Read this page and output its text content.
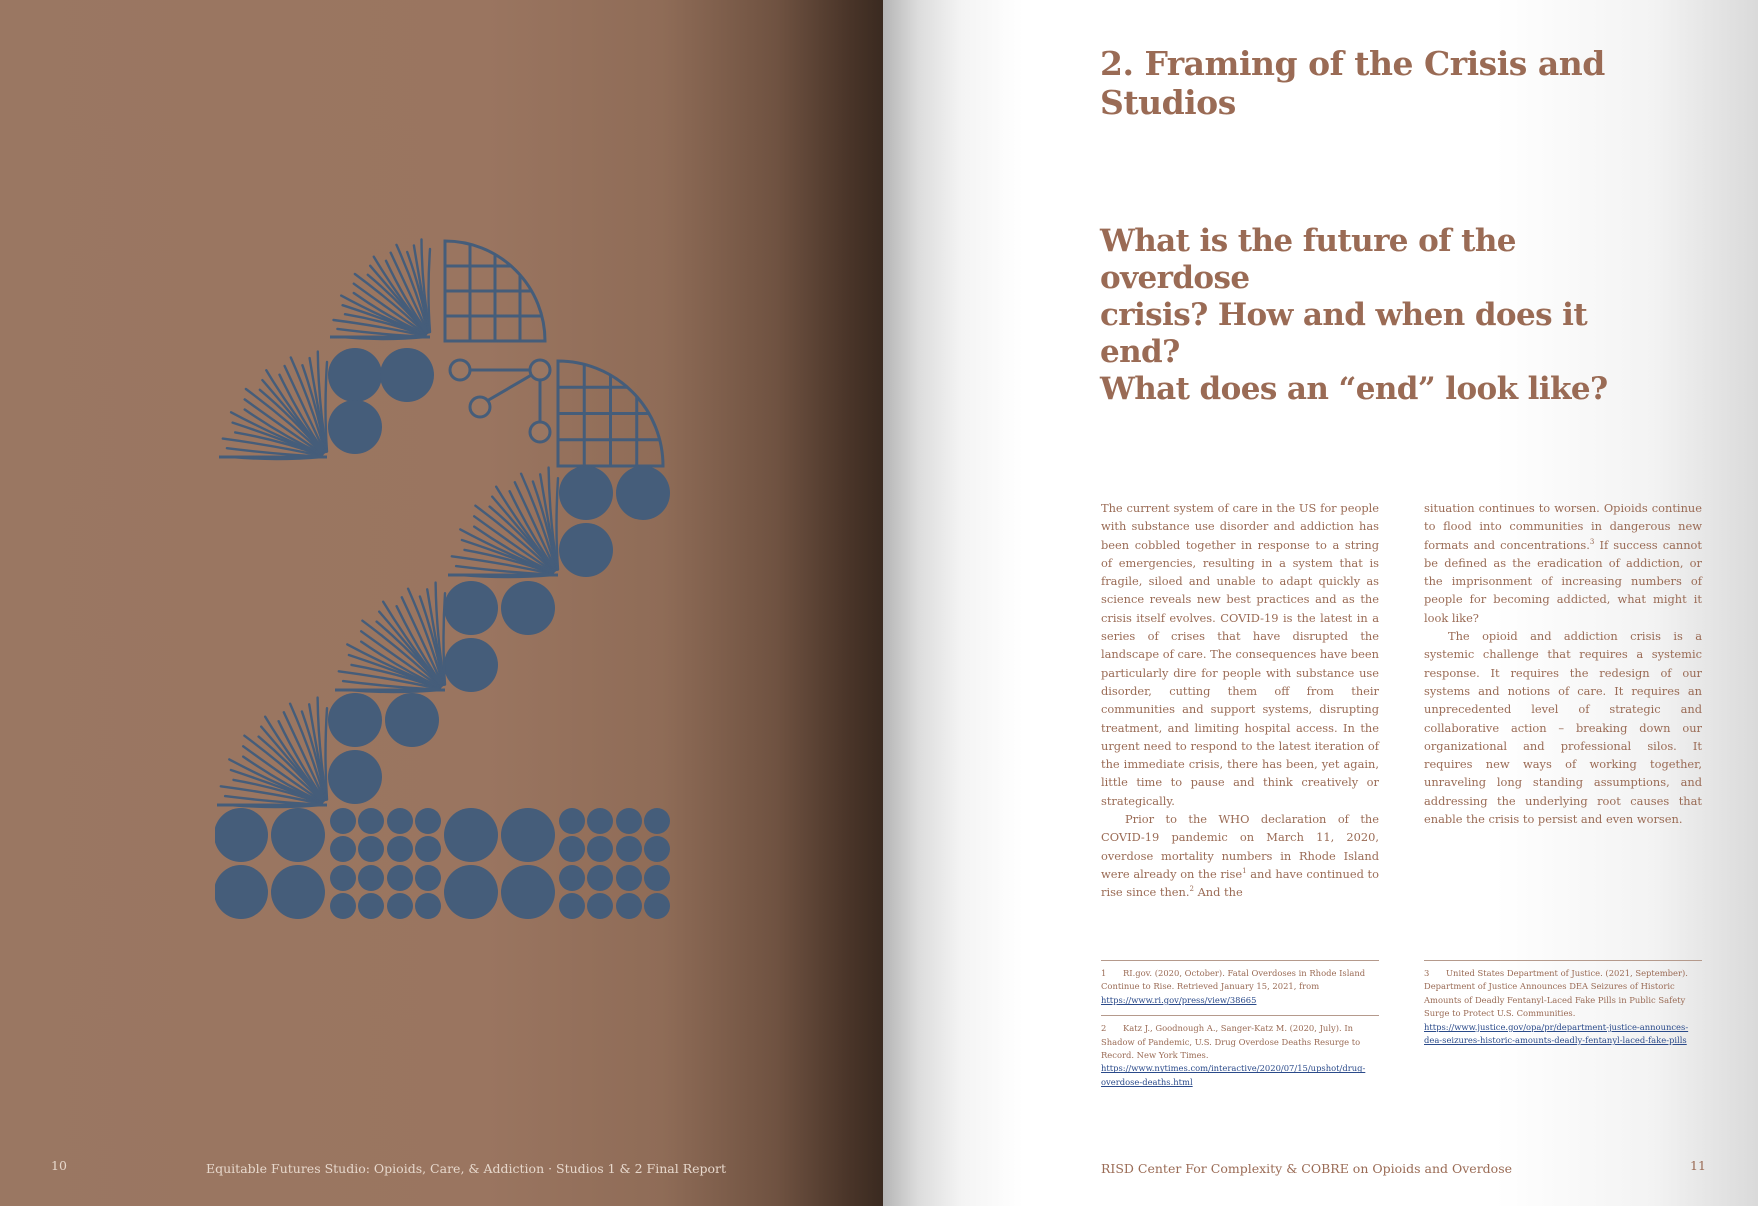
10	Equitable Futures Studio: Opioids, Care, & Addiction · Studios 1 & 2 Final Report
2. Framing of the Crisis and Studios
What is the future of the overdose
crisis? How and when does it end?
What does an “end” look like?

The current system of care in the US for people with substance use disorder and addiction has been cobbled together in response to a string of emergencies, resulting in a system that is fragile, siloed and unable to adapt quickly as science reveals new best practices and as the crisis itself evolves. COVID-19 is the latest in a series of crises that have disrupted the landscape of care. The consequences have been particularly dire for people with substance use disorder, cutting them off from their communities and support systems, disrupting treatment, and limiting hospital access. In the urgent need to respond to the latest iteration of the immediate crisis, there has been, yet again, little time to pause and think creatively or strategically.

Prior to the WHO declaration of the COVID-19 pandemic on March 11, 2020, overdose mortality numbers in Rhode Island were already on the rise$^1$ and have continued to rise since then.$^2$ And the

situation continues to worsen. Opioids continue to flood into communities in dangerous new formats and concentrations.$^3$ If success cannot be defined as the eradication of addiction, or the imprisonment of increasing numbers of people for becoming addicted, what might it look like?

The opioid and addiction crisis is a systemic challenge that requires a systemic response. It requires the redesign of our systems and notions of care. It requires an unprecedented level of strategic and collaborative action – breaking down our organizational and professional silos. It requires new ways of working together, unraveling long standing assumptions, and addressing the underlying root causes that enable the crisis to persist and even worsen.

1 RI.gov. (2020, October). Fatal Overdoses in Rhode Island Continue to Rise. Retrieved January 15, 2021, from https://www.ri.gov/press/view/38665
2 Katz J., Goodnough A., Sanger-Katz M. (2020, July). In Shadow of Pandemic, U.S. Drug Overdose Deaths Resurge to Record. New York Times. https://www.nytimes.com/interactive/2020/07/15/upshot/drug-overdose-deaths.html
3 United States Department of Justice. (2021, September). Department of Justice Announces DEA Seizures of Historic Amounts of Deadly Fentanyl-Laced Fake Pills in Public Safety Surge to Protect U.S. Communities. https://www.justice.gov/opa/pr/department-justice-announces-dea-seizures-historic-amounts-deadly-fentanyl-laced-fake-pills
RISD Center For Complexity & COBRE on Opioids and Overdose	11
